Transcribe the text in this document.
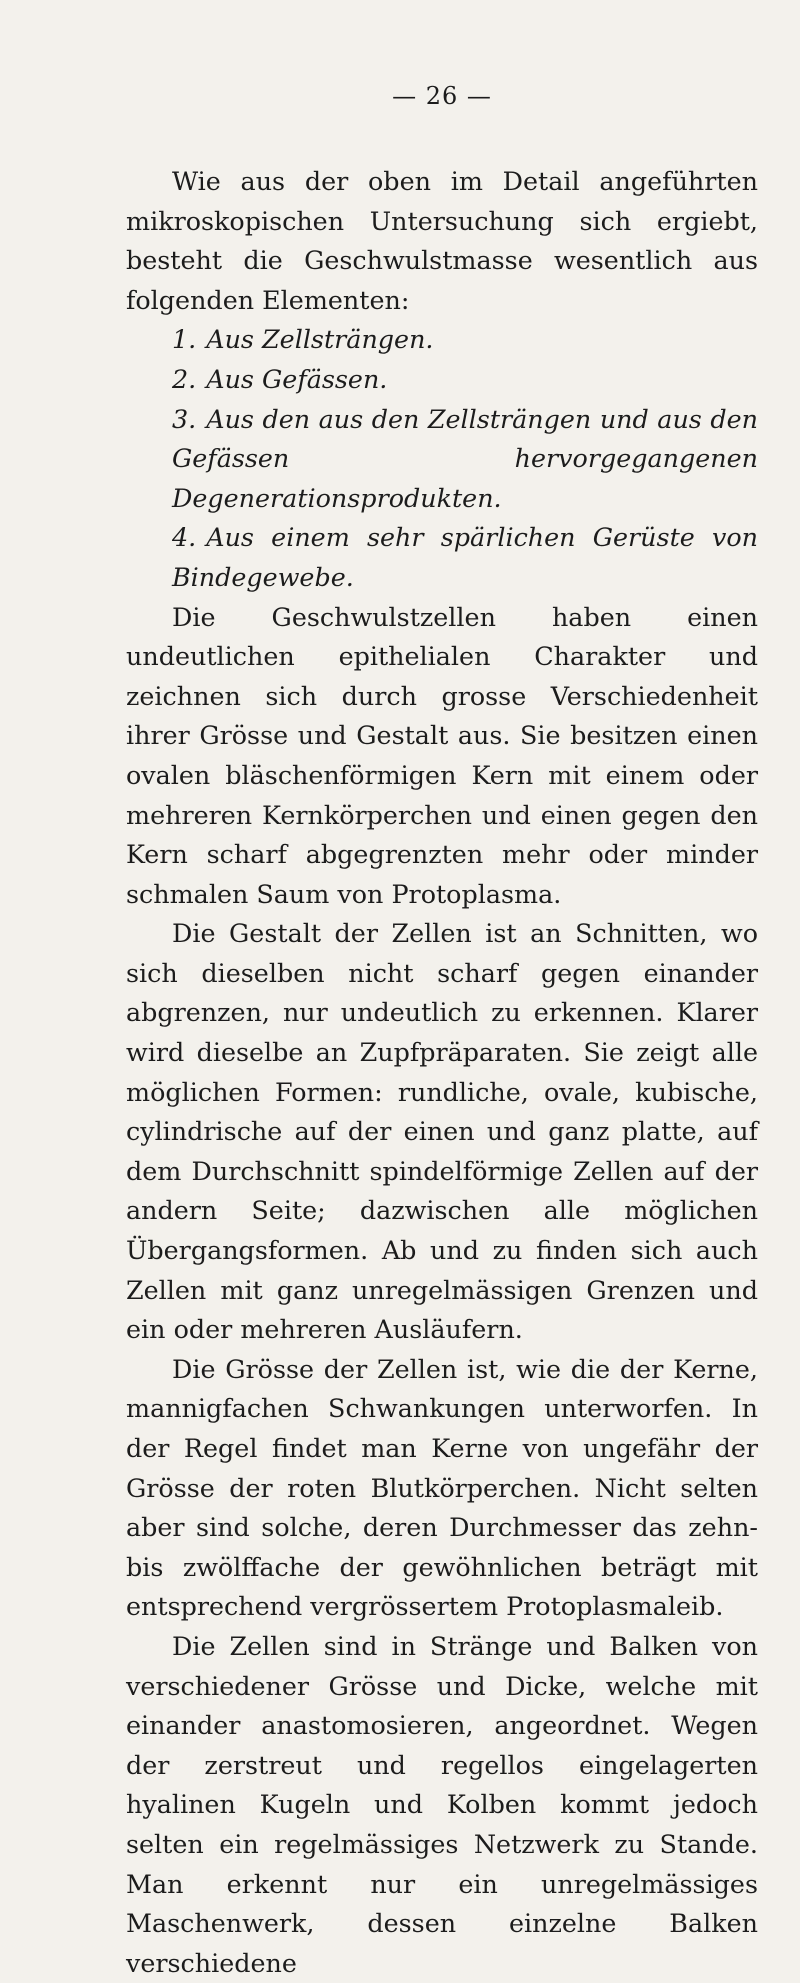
— 26 —

Wie aus der oben im Detail angeführten mikroskopischen Untersuchung sich ergiebt, besteht die Geschwulstmasse wesentlich aus folgenden Elementen:

1. Aus Zellsträngen.
2. Aus Gefässen.
3. Aus den aus den Zellsträngen und aus den Gefässen hervorgegangenen Degenerationsprodukten.
4. Aus einem sehr spärlichen Gerüste von Bindegewebe.

Die Geschwulstzellen haben einen undeutlichen epithelialen Charakter und zeichnen sich durch grosse Verschiedenheit ihrer Grösse und Gestalt aus. Sie besitzen einen ovalen bläschenförmigen Kern mit einem oder mehreren Kernkörperchen und einen gegen den Kern scharf abgegrenzten mehr oder minder schmalen Saum von Protoplasma.

Die Gestalt der Zellen ist an Schnitten, wo sich dieselben nicht scharf gegen einander abgrenzen, nur undeutlich zu erkennen. Klarer wird dieselbe an Zupfpräparaten. Sie zeigt alle möglichen Formen: rundliche, ovale, kubische, cylindrische auf der einen und ganz platte, auf dem Durchschnitt spindelförmige Zellen auf der andern Seite; dazwischen alle möglichen Übergangsformen. Ab und zu finden sich auch Zellen mit ganz unregelmässigen Grenzen und ein oder mehreren Ausläufern.

Die Grösse der Zellen ist, wie die der Kerne, mannigfachen Schwankungen unterworfen. In der Regel findet man Kerne von ungefähr der Grösse der roten Blutkörperchen. Nicht selten aber sind solche, deren Durchmesser das zehn- bis zwölffache der gewöhnlichen beträgt mit entsprechend vergrössertem Protoplasmaleib.

Die Zellen sind in Stränge und Balken von verschiedener Grösse und Dicke, welche mit einander anastomosieren, angeordnet. Wegen der zerstreut und regellos eingelagerten hyalinen Kugeln und Kolben kommt jedoch selten ein regelmässiges Netzwerk zu Stande. Man erkennt nur ein unregelmässiges Maschenwerk, dessen einzelne Balken verschiedene
